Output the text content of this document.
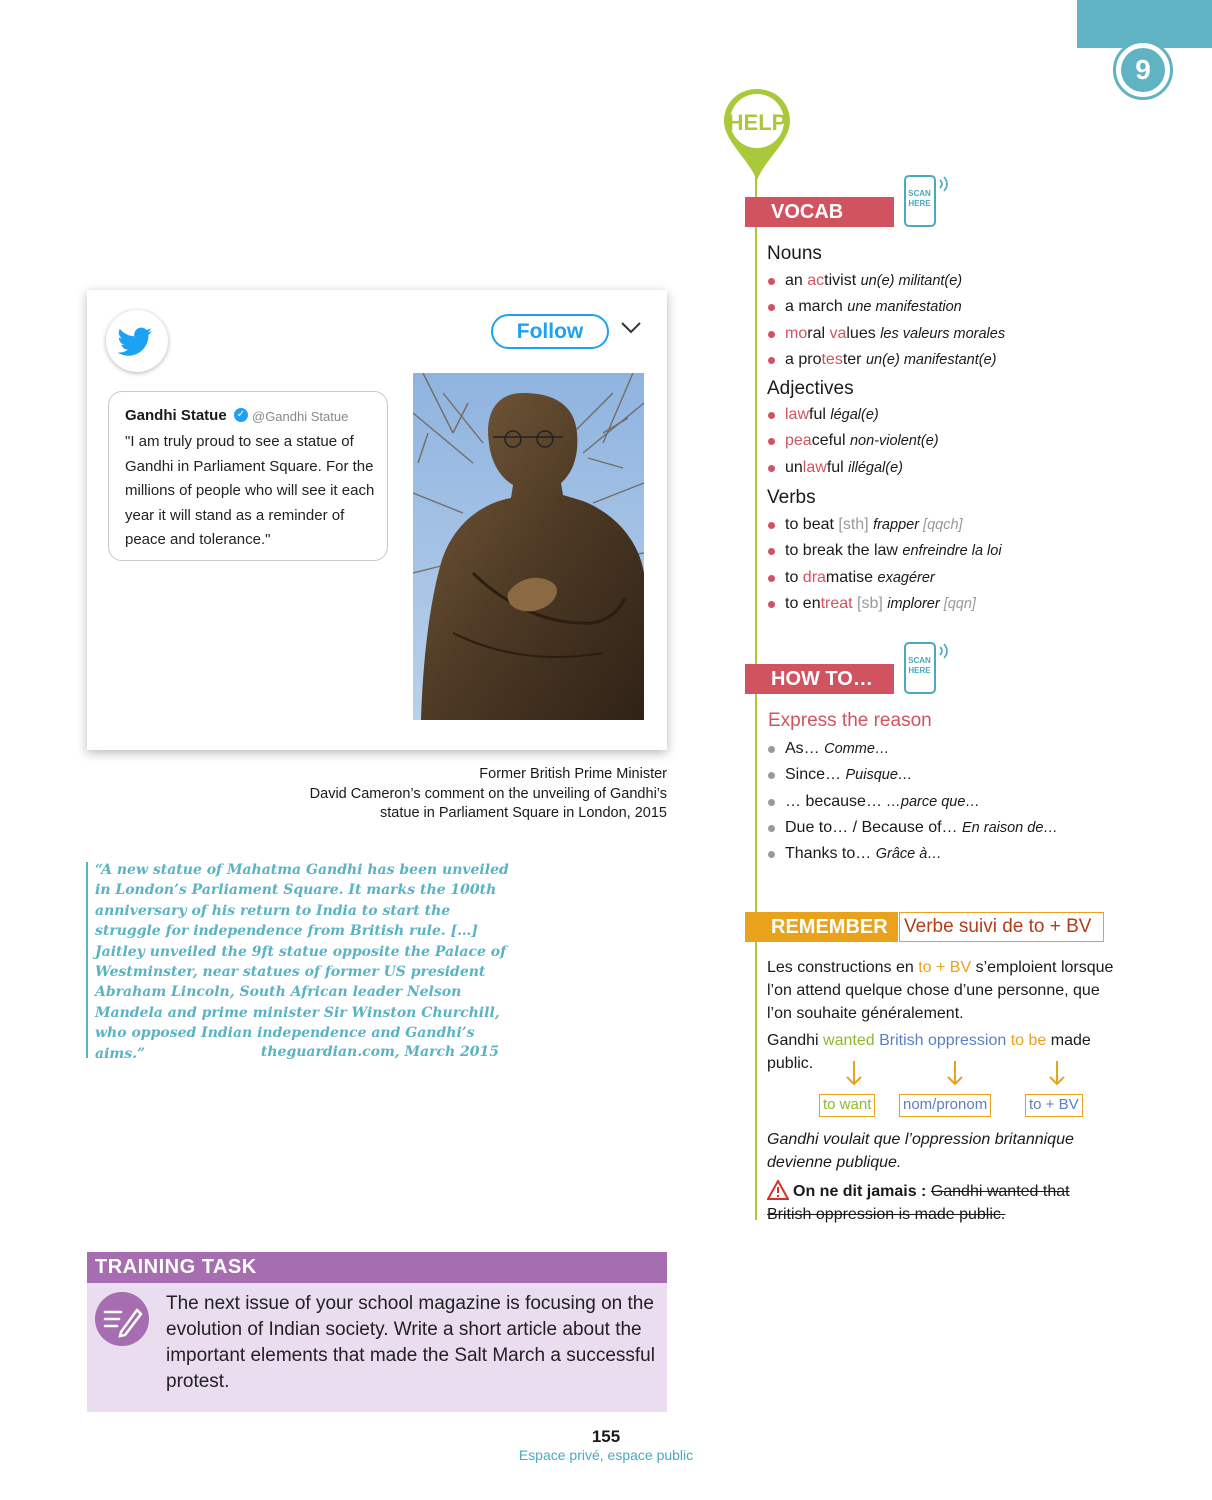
9
Follow
Gandhi Statue ✓ @Gandhi Statue
"I am truly proud to see a statue of Gandhi in Parliament Square. For the millions of people who will see it each year it will stand as a reminder of peace and tolerance."
Former British Prime Minister
David Cameron’s comment on the unveiling of Gandhi’s
statue in Parliament Square in London, 2015
“A new statue of Mahatma Gandhi has been unveiled in London’s Parliament Square. It marks the 100th anniversary of his return to India to start the struggle for independence from British rule. […] Jaitley unveiled the 9ft statue opposite the Palace of Westminster, near statues of former US president Abraham Lincoln, South African leader Nelson Mandela and prime minister Sir Winston Churchill, who opposed Indian independence and Gandhi’s aims.”	theguardian.com, March 2015
TRAINING TASK
The next issue of your school magazine is focusing on the evolution of Indian society. Write a short article about the important elements that made the Salt March a successful protest.
155
Espace privé, espace public
HELP
VOCAB
SCAN HERE
Nouns
an activist un(e) militant(e)
a march une manifestation
moral values les valeurs morales
a protester un(e) manifestant(e)
Adjectives
lawful légal(e)
peaceful non-violent(e)
unlawful illégal(e)
Verbs
to beat [sth] frapper [qqch]
to break the law enfreindre la loi
to dramatise exagérer
to entreat [sb] implorer [qqn]
HOW TO…
SCAN HERE
Express the reason
As… Comme…
Since… Puisque…
… because… …parce que…
Due to… / Because of… En raison de…
Thanks to… Grâce à…
REMEMBER Verbe suivi de to + BV
Les constructions en to + BV s’emploient lorsque l’on attend quelque chose d’une personne, que l’on souhaite généralement.
Gandhi wanted British oppression to be made public.
to want nom/pronom	to + BV
Gandhi voulait que l’oppression britannique devienne publique.
On ne dit jamais : Gandhi wanted that British oppression is made public.
